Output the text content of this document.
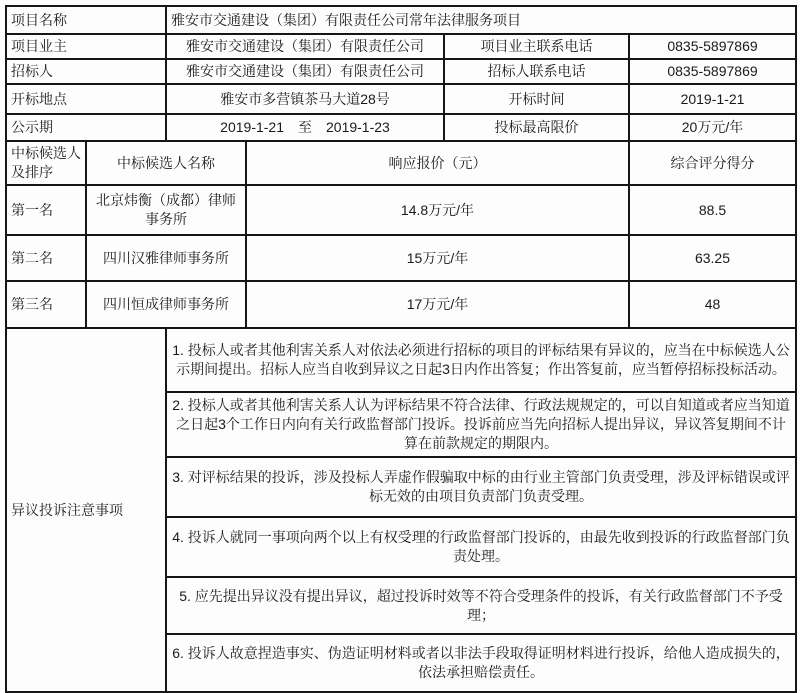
项目名称		雅安市交通建设（集团）有限责任公司常年法律服务项目			
项目业主		雅安市交通建设（集团）有限责任公司		项目业主联系电话	0835-5897869
招标人		雅安市交通建设（集团）有限责任公司		招标人联系电话	0835-5897869
开标地点		雅安市多营镇茶马大道28号		开标时间	2019-1-21
公示期		2019-1-21　至　2019-1-23		投标最高限价	20万元/年
中标候选人及排序	中标候选人名称		响应报价（元）		综合评分得分
第一名	北京炜衡（成都）律师事务所		14.8万元/年		88.5
第二名	四川汉雅律师事务所		15万元/年		63.25
第三名	四川恒成律师事务所		17万元/年		48
异议投诉注意事项		1. 投标人或者其他利害关系人对依法必须进行招标的项目的评标结果有异议的，应当在中标候选人公示期间提出。招标人应当自收到异议之日起3日内作出答复；作出答复前，应当暂停招标投标活动。			
		2. 投标人或者其他利害关系人认为评标结果不符合法律、行政法规规定的，可以自知道或者应当知道之日起3个工作日内向有关行政监督部门投诉。投诉前应当先向招标人提出异议，异议答复期间不计算在前款规定的期限内。			
		3. 对评标结果的投诉，涉及投标人弄虚作假骗取中标的由行业主管部门负责受理，涉及评标错误或评标无效的由项目负责部门负责受理。			
		4. 投诉人就同一事项向两个以上有权受理的行政监督部门投诉的，由最先收到投诉的行政监督部门负责处理。			
		5. 应先提出异议没有提出异议，超过投诉时效等不符合受理条件的投诉，有关行政监督部门不予受理；			
		6. 投诉人故意捏造事实、伪造证明材料或者以非法手段取得证明材料进行投诉，给他人造成损失的，依法承担赔偿责任。			
